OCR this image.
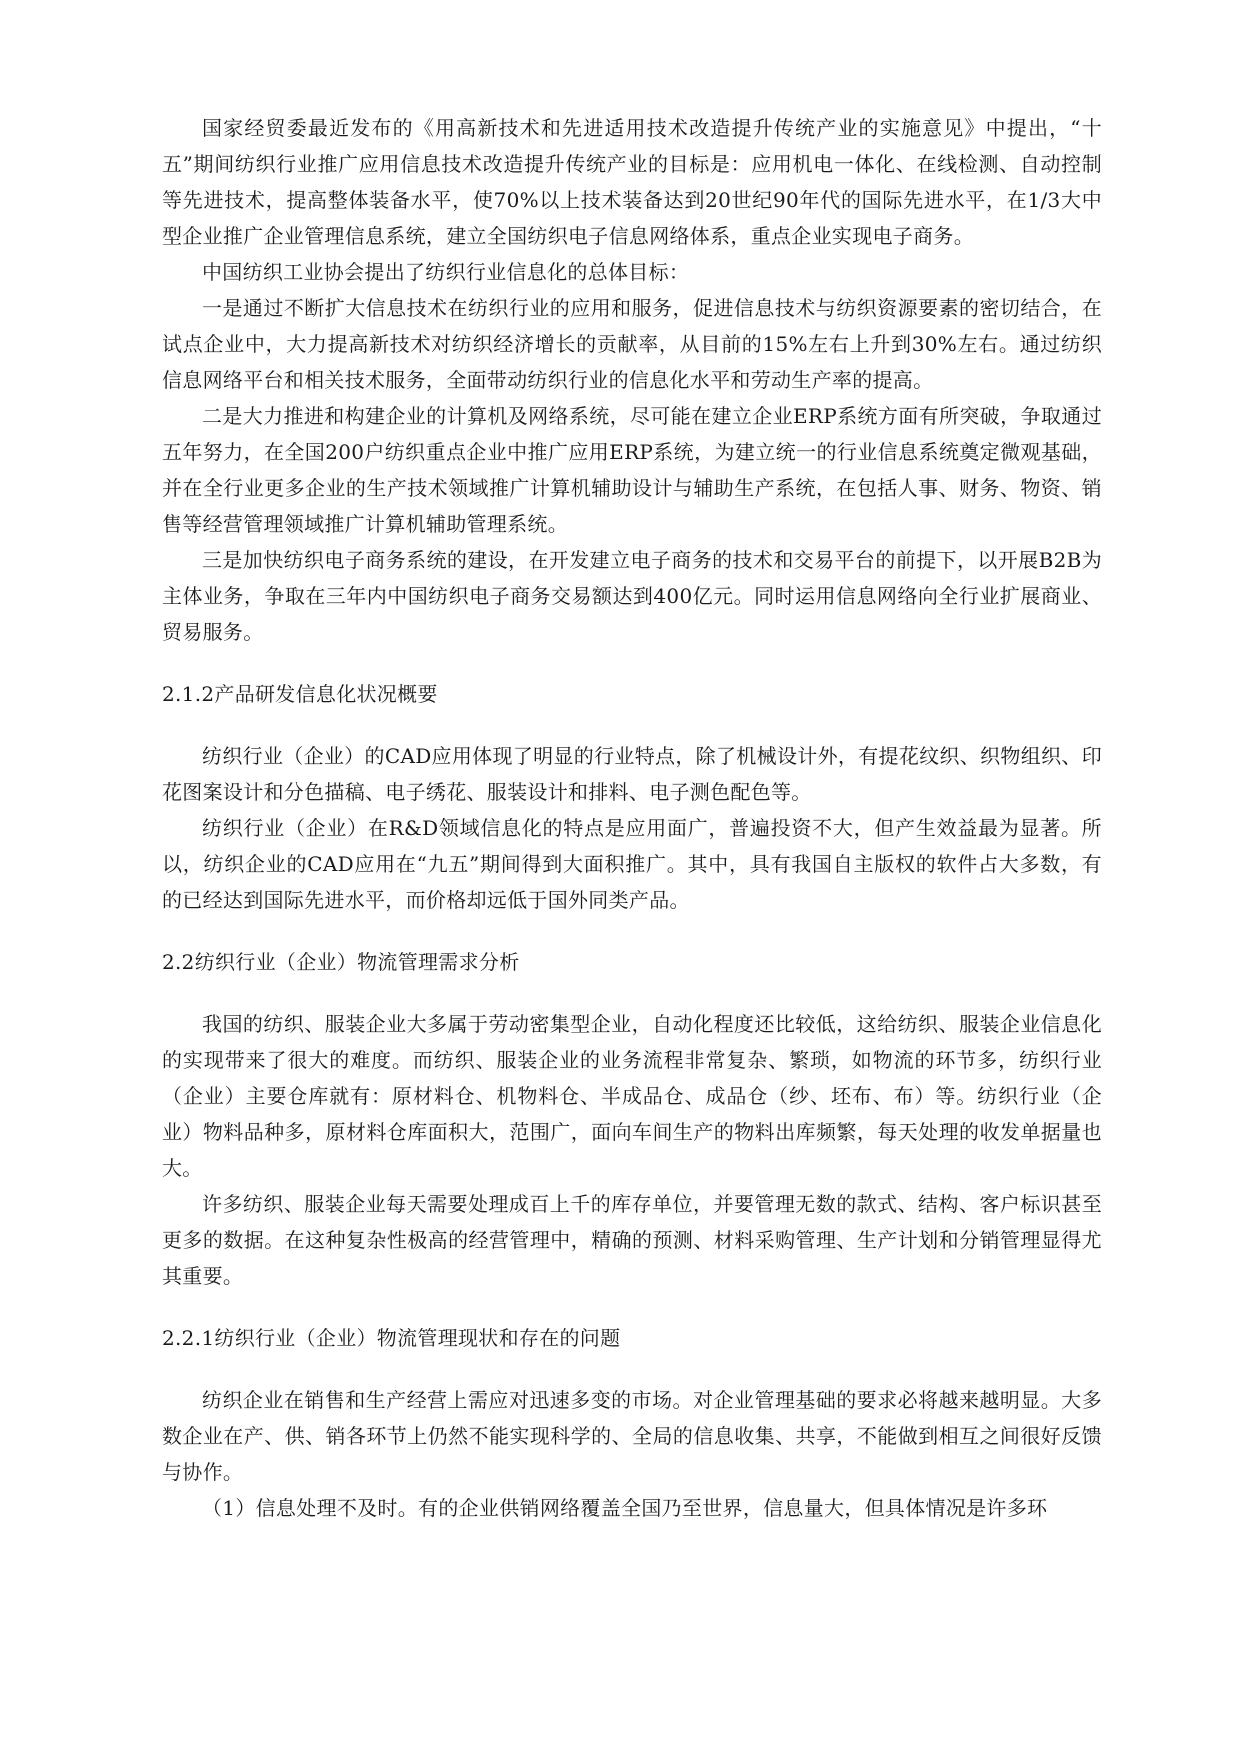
国家经贸委最近发布的《用高新技术和先进适用技术改造提升传统产业的实施意见》中提出，“十五”期间纺织行业推广应用信息技术改造提升传统产业的目标是：应用机电一体化、在线检测、自动控制等先进技术，提高整体装备水平，使70%以上技术装备达到20世纪90年代的国际先进水平，在1/3大中型企业推广企业管理信息系统，建立全国纺织电子信息网络体系，重点企业实现电子商务。

中国纺织工业协会提出了纺织行业信息化的总体目标：

一是通过不断扩大信息技术在纺织行业的应用和服务，促进信息技术与纺织资源要素的密切结合，在试点企业中，大力提高新技术对纺织经济增长的贡献率，从目前的15%左右上升到30%左右。通过纺织信息网络平台和相关技术服务，全面带动纺织行业的信息化水平和劳动生产率的提高。

二是大力推进和构建企业的计算机及网络系统，尽可能在建立企业ERP系统方面有所突破，争取通过五年努力，在全国200户纺织重点企业中推广应用ERP系统，为建立统一的行业信息系统奠定微观基础，并在全行业更多企业的生产技术领域推广计算机辅助设计与辅助生产系统，在包括人事、财务、物资、销售等经营管理领域推广计算机辅助管理系统。

三是加快纺织电子商务系统的建设，在开发建立电子商务的技术和交易平台的前提下，以开展B2B为主体业务，争取在三年内中国纺织电子商务交易额达到400亿元。同时运用信息网络向全行业扩展商业、贸易服务。

2.1.2产品研发信息化状况概要

纺织行业（企业）的CAD应用体现了明显的行业特点，除了机械设计外，有提花纹织、织物组织、印花图案设计和分色描稿、电子绣花、服装设计和排料、电子测色配色等。

纺织行业（企业）在R&D领域信息化的特点是应用面广，普遍投资不大，但产生效益最为显著。所以，纺织企业的CAD应用在“九五”期间得到大面积推广。其中，具有我国自主版权的软件占大多数，有的已经达到国际先进水平，而价格却远低于国外同类产品。

2.2纺织行业（企业）物流管理需求分析

我国的纺织、服装企业大多属于劳动密集型企业，自动化程度还比较低，这给纺织、服装企业信息化的实现带来了很大的难度。而纺织、服装企业的业务流程非常复杂、繁琐，如物流的环节多，纺织行业（企业）主要仓库就有：原材料仓、机物料仓、半成品仓、成品仓（纱、坯布、布）等。纺织行业（企业）物料品种多，原材料仓库面积大，范围广，面向车间生产的物料出库频繁，每天处理的收发单据量也大。

许多纺织、服装企业每天需要处理成百上千的库存单位，并要管理无数的款式、结构、客户标识甚至更多的数据。在这种复杂性极高的经营管理中，精确的预测、材料采购管理、生产计划和分销管理显得尤其重要。

2.2.1纺织行业（企业）物流管理现状和存在的问题

纺织企业在销售和生产经营上需应对迅速多变的市场。对企业管理基础的要求必将越来越明显。大多数企业在产、供、销各环节上仍然不能实现科学的、全局的信息收集、共享，不能做到相互之间很好反馈与协作。

（1）信息处理不及时。有的企业供销网络覆盖全国乃至世界，信息量大，但具体情况是许多环
